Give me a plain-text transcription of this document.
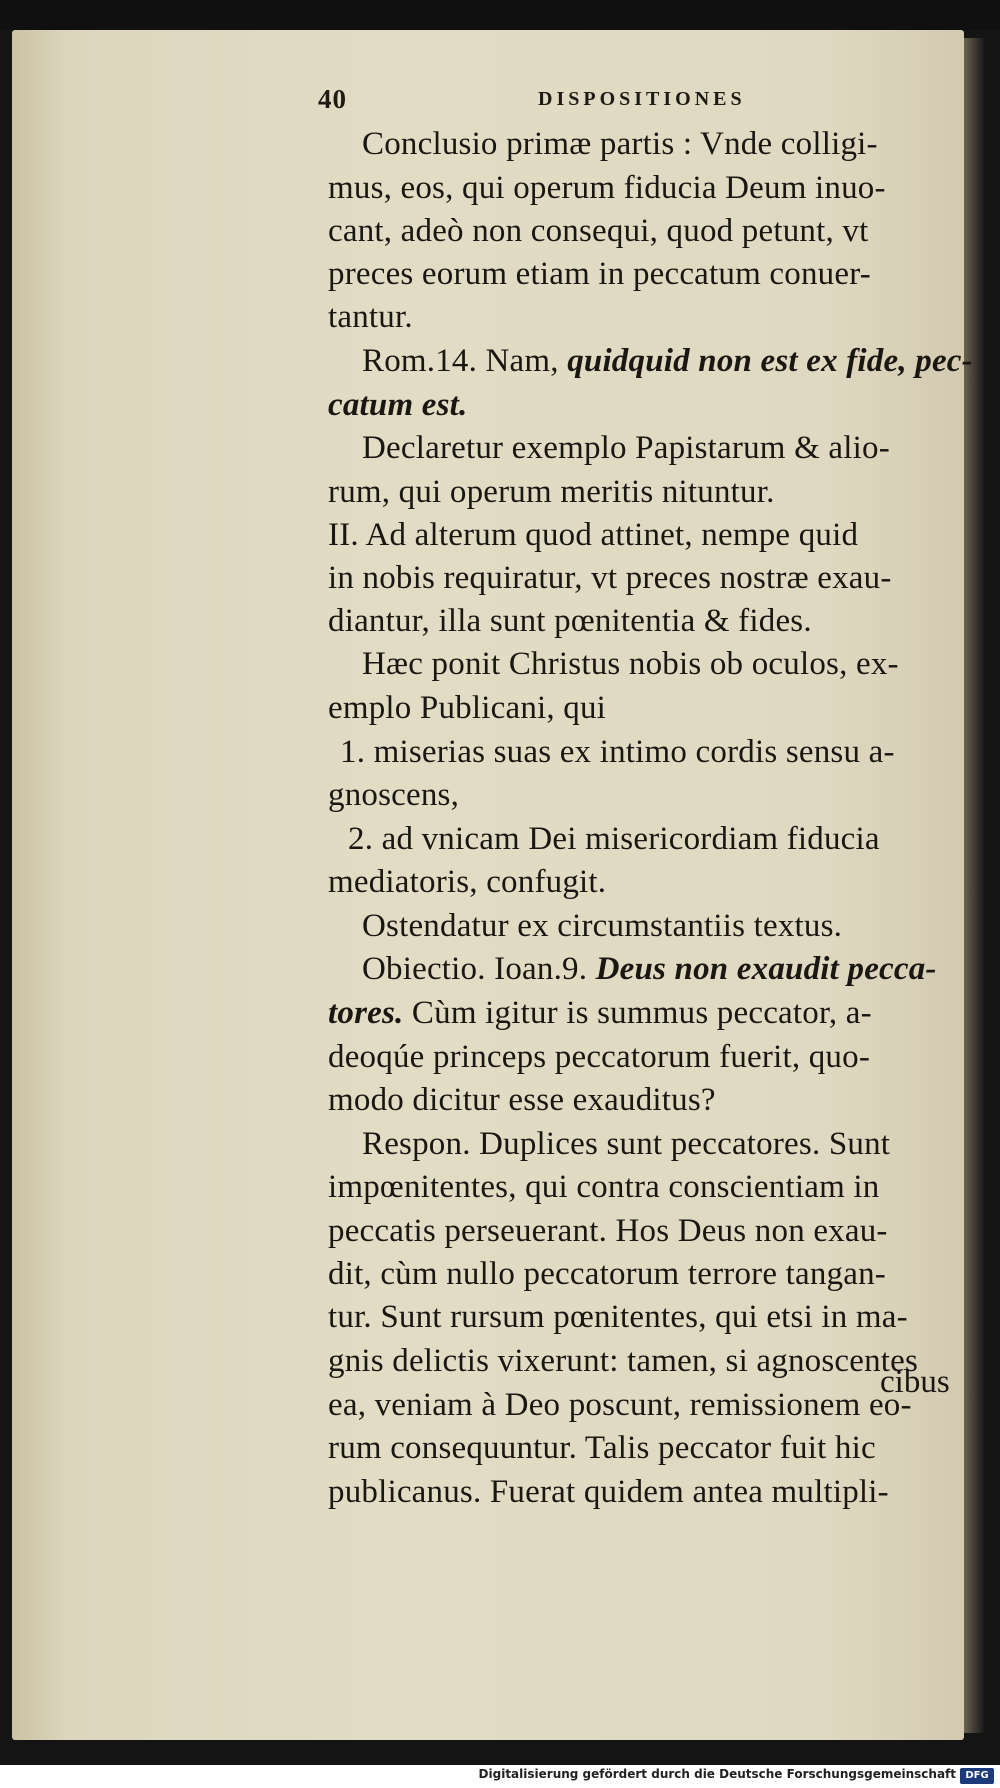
40	DISPOSITIONES
Conclusio primæ partis : Vnde colligi-
mus, eos, qui operum fiducia Deum inuo-
cant, adeò non consequi, quod petunt, vt
preces eorum etiam in peccatum conuer-
tantur.
Rom.14. Nam, quidquid non est ex fide, pec-
catum est.
Declaretur exemplo Papistarum & alio-
rum, qui operum meritis nituntur.
II. Ad alterum quod attinet, nempe quid
in nobis requiratur, vt preces nostræ exau-
diantur, illa sunt pœnitentia & fides.
Hæc ponit Christus nobis ob oculos, ex-
emplo Publicani, qui
1. miserias suas ex intimo cordis sensu a-
gnoscens,
2. ad vnicam Dei misericordiam fiducia
mediatoris, confugit.
Ostendatur ex circumstantiis textus.
Obiectio. Ioan.9. Deus non exaudit pecca-
tores. Cùm igitur is summus peccator, a-
deoqúe princeps peccatorum fuerit, quo-
modo dicitur esse exauditus?
Respon. Duplices sunt peccatores. Sunt
impœnitentes, qui contra conscientiam in
peccatis perseuerant. Hos Deus non exau-
dit, cùm nullo peccatorum terrore tangan-
tur. Sunt rursum pœnitentes, qui etsi in ma-
gnis delictis vixerunt: tamen, si agnoscentes
ea, veniam à Deo poscunt, remissionem eo-
rum consequuntur. Talis peccator fuit hic
publicanus. Fuerat quidem antea multipli-
cibus
Digitalisierung gefördert durch die Deutsche Forschungsgemeinschaft DFG
